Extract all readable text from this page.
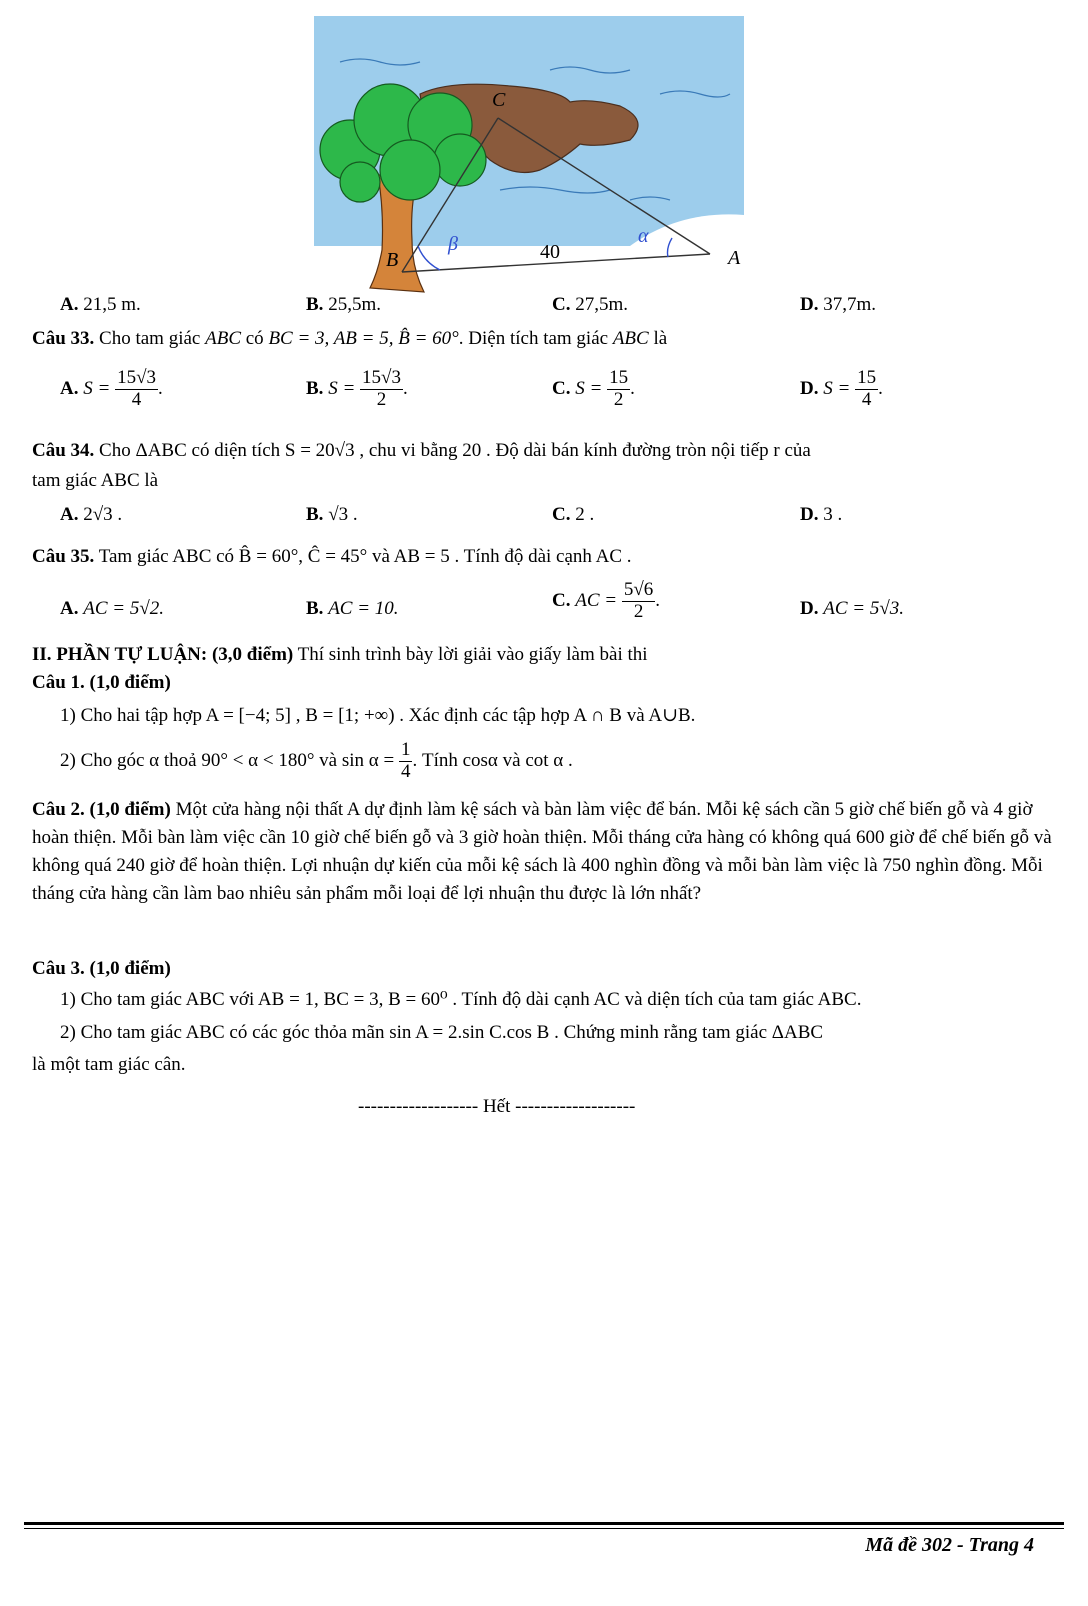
C
B	A
β	α
40
A. 21,5 m.	B. 25,5m.	C. 27,5m.	D. 37,7m.
Câu 33. Cho tam giác ABC có BC = 3, AB = 5, B̂ = 60°. Diện tích tam giác ABC là
A. $S = \frac{15√3}{4}$ .	B. $S = \frac{15√3}{2}$ .	C. $S = \frac{15}{2}$ .	D. $S = \frac{15}{4}$ .
Câu 34. Cho ΔABC có diện tích S = 20√3 , chu vi bằng 20 . Độ dài bán kính đường tròn nội tiếp r của
tam giác ABC là
A. 2√3 .	B. √3 .	C. 2 .	D. 3 .
Câu 35. Tam giác ABC có B̂ = 60°, Ĉ = 45° và AB = 5 . Tính độ dài cạnh AC .
A. AC = 5√2.	B. AC = 10.	C. AC = $\frac{5√6}{2}$ .	D. AC = 5√3.
II. PHẦN TỰ LUẬN: (3,0 điểm) Thí sinh trình bày lời giải vào giấy làm bài thi
Câu 1. (1,0 điểm)
1) Cho hai tập hợp A = [−4; 5] , B = [1; +∞) . Xác định các tập hợp A ∩ B và A∪B.
2) Cho góc α thoả 90° < α < 180° và $\sin \alpha = \frac{1}{4}$ . Tính cosα và cot α .
Câu 2. (1,0 điểm) Một cửa hàng nội thất A dự định làm kệ sách và bàn làm việc để bán. Mỗi kệ sách cần 5 giờ chế biến gỗ và 4 giờ hoàn thiện. Mỗi bàn làm việc cần 10 giờ chế biến gỗ và 3 giờ hoàn thiện. Mỗi tháng cửa hàng có không quá 600 giờ để chế biến gỗ và không quá 240 giờ để hoàn thiện. Lợi nhuận dự kiến của mỗi kệ sách là 400 nghìn đồng và mỗi bàn làm việc là 750 nghìn đồng. Mỗi tháng cửa hàng cần làm bao nhiêu sản phẩm mỗi loại để lợi nhuận thu được là lớn nhất?
Câu 3. (1,0 điểm)
1) Cho tam giác ABC với AB = 1, BC = 3, B = 60⁰ . Tính độ dài cạnh AC và diện tích của tam giác ABC.
2) Cho tam giác ABC có các góc thỏa mãn sin A = 2.sin C.cos B . Chứng minh rằng tam giác ΔABC
là một tam giác cân.
------------------- Hết -------------------
Mã đề 302 - Trang 4
